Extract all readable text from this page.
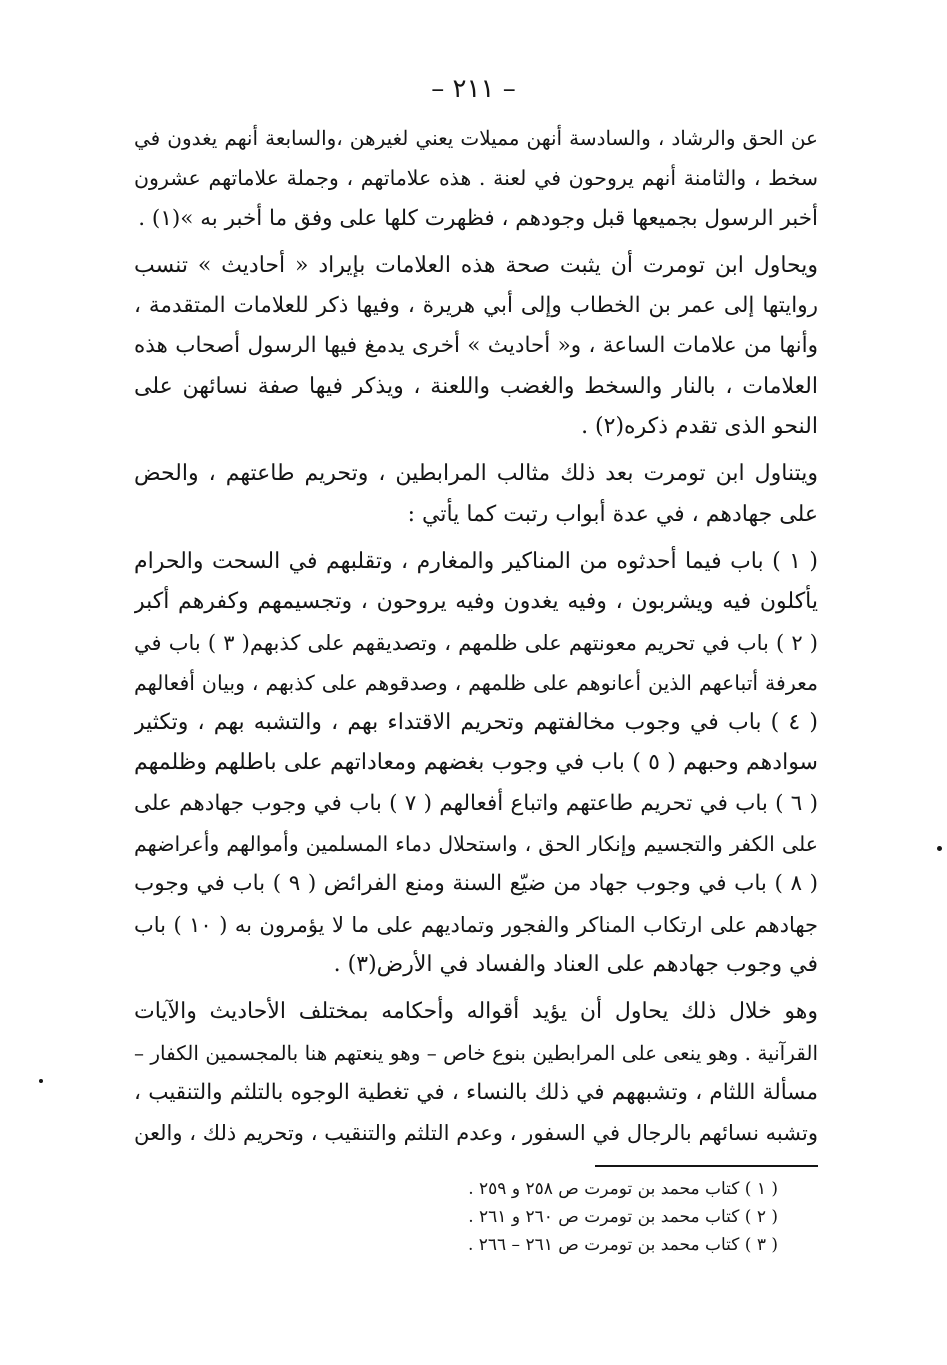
– ٢١١ –
عن الحق والرشاد ، والسادسة أنهن مميلات يعني لغيرهن ،والسابعة أنهم يغدون في
سخط ، والثامنة أنهم يروحون في لعنة . هذه علاماتهم ، وجملة علاماتهم عشرون
أخبر الرسول بجميعها قبل وجودهم ، فظهرت كلها على وفق ما أخبر به »(١) .
ويحاول ابن تومرت أن يثبت صحة هذه العلامات بإيراد « أحاديث » تنسب
روايتها إلى عمر بن الخطاب وإلى أبي هريرة ، وفيها ذكر للعلامات المتقدمة ،
وأنها من علامات الساعة ، و« أحاديث » أخرى يدمغ فيها الرسول أصحاب هذه
العلامات ، بالنار والسخط والغضب واللعنة ، ويذكر فيها صفة نسائهن على
النحو الذى تقدم ذكره(٢) .
ويتناول ابن تومرت بعد ذلك مثالب المرابطين ، وتحريم طاعتهم ، والحض
على جهادهم ، في عدة أبواب رتبت كما يأتي :
( ١ ) باب فيما أحدثوه من المناكير والمغارم ، وتقلبهم في السحت والحرام
يأكلون فيه ويشربون ، وفيه يغدون وفيه يروحون ، وتجسيمهم وكفرهم أكبر
( ٢ ) باب في تحريم معونتهم على ظلمهم ، وتصديقهم على كذبهم( ٣ ) باب في
معرفة أتباعهم الذين أعانوهم على ظلمهم ، وصدقوهم على كذبهم ، وبيان أفعالهم
( ٤ ) باب في وجوب مخالفتهم وتحريم الاقتداء بهم ، والتشبه بهم ، وتكثير
سوادهم وحبهم ( ٥ ) باب في وجوب بغضهم ومعاداتهم على باطلهم وظلمهم
( ٦ ) باب في تحريم طاعتهم واتباع أفعالهم ( ٧ ) باب في وجوب جهادهم على
على الكفر والتجسيم وإنكار الحق ، واستحلال دماء المسلمين وأموالهم وأعراضهم
( ٨ ) باب في وجوب جهاد من ضيّع السنة ومنع الفرائض ( ٩ ) باب في وجوب
جهادهم على ارتكاب المناكر والفجور وتماديهم على ما لا يؤمرون به ( ١٠ ) باب
في وجوب جهادهم على العناد والفساد في الأرض(٣) .
وهو خلال ذلك يحاول أن يؤيد أقواله وأحكامه بمختلف الأحاديث والآيات
القرآنية . وهو ينعى على المرابطين بنوع خاص – وهو ينعتهم هنا بالمجسمين الكفار –
مسألة اللثام ، وتشبههم في ذلك بالنساء ، في تغطية الوجوه بالتلثم والتنقيب ،
وتشبه نسائهم بالرجال في السفور ، وعدم التلثم والتنقيب ، وتحريم ذلك ، والعن
( ١ ) كتاب محمد بن تومرت ص ٢٥٨ و ٢٥٩ .
( ٢ ) كتاب محمد بن تومرت ص ٢٦٠ و ٢٦١ .
( ٣ ) كتاب محمد بن تومرت ص ٢٦١ – ٢٦٦ .
